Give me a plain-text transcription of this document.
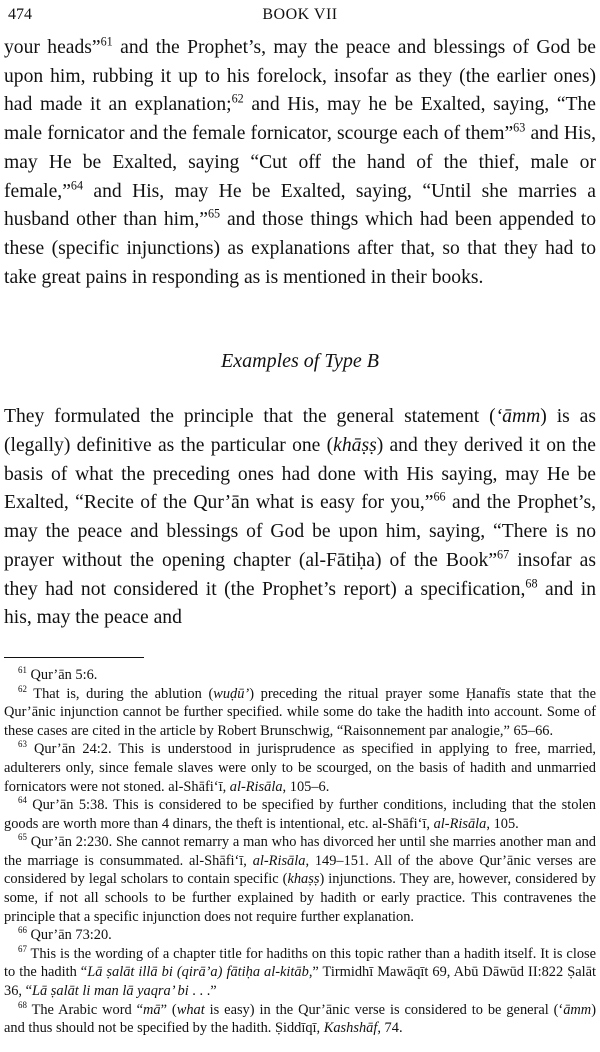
474	BOOK VII

your heads”$^{61}$ and the Prophet’s, may the peace and blessings of God be upon him, rubbing it up to his forelock, insofar as they (the earlier ones) had made it an explanation;$^{62}$ and His, may he be Exalted, saying, “The male fornicator and the female fornicator, scourge each of them”$^{63}$ and His, may He be Exalted, saying “Cut off the hand of the thief, male or female,”$^{64}$ and His, may He be Exalted, saying, “Until she marries a husband other than him,”$^{65}$ and those things which had been appended to these (specific injunctions) as explanations after that, so that they had to take great pains in responding as is mentioned in their books.

Examples of Type B

They formulated the principle that the general statement (‘āmm) is as (legally) definitive as the particular one (khāṣṣ) and they derived it on the basis of what the preceding ones had done with His saying, may He be Exalted, “Recite of the Qur’ān what is easy for you,”$^{66}$ and the Prophet’s, may the peace and blessings of God be upon him, saying, “There is no prayer without the opening chapter (al-Fātiḥa) of the Book”$^{67}$ insofar as they had not considered it (the Prophet’s report) a specification,$^{68}$ and in his, may the peace and

$^{61}$ Qur’ān 5:6.

$^{62}$ That is, during the ablution (wuḍū’) preceding the ritual prayer some Ḥanafīs state that the Qur’ānic injunction cannot be further specified. while some do take the hadith into account. Some of these cases are cited in the article by Robert Brunschwig, “Raisonnement par analogie,” 65–66.

$^{63}$ Qur’ān 24:2. This is understood in jurisprudence as specified in applying to free, married, adulterers only, since female slaves were only to be scourged, on the basis of hadith and unmarried fornicators were not stoned. al-Shāfi‘ī, al-Risāla, 105–6.

$^{64}$ Qur’ān 5:38. This is considered to be specified by further conditions, including that the stolen goods are worth more than 4 dinars, the theft is intentional, etc. al-Shāfi‘ī, al-Risāla, 105.

$^{65}$ Qur’ān 2:230. She cannot remarry a man who has divorced her until she marries another man and the marriage is consummated. al-Shāfi‘ī, al-Risāla, 149–151. All of the above Qur’ānic verses are considered by legal scholars to contain specific (khaṣṣ) injunctions. They are, however, considered by some, if not all schools to be further explained by hadith or early practice. This contravenes the principle that a specific injunction does not require further explanation.

$^{66}$ Qur’ān 73:20.

$^{67}$ This is the wording of a chapter title for hadiths on this topic rather than a hadith itself. It is close to the hadith “Lā ṣalāt illā bi (qirā’a) fātiḥa al-kitāb,” Tirmidhī Mawāqīt 69, Abū Dāwūd II:822 Ṣalāt 36, “Lā ṣalāt li man lā yaqra’ bi . . .”

$^{68}$ The Arabic word “mā” (what is easy) in the Qur’ānic verse is considered to be general (‘āmm) and thus should not be specified by the hadith. Ṣiddīqī, Kashshāf, 74.
